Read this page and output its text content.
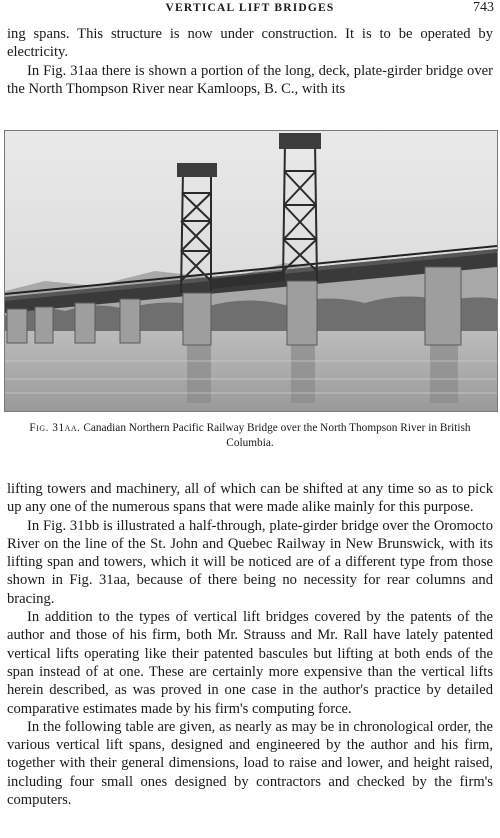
VERTICAL LIFT BRIDGES	743

ing spans. This structure is now under construction. It is to be operated by electricity.

In Fig. 31aa there is shown a portion of the long, deck, plate-girder bridge over the North Thompson River near Kamloops, B. C., with its

Fig. 31aa. Canadian Northern Pacific Railway Bridge over the North Thompson River in British Columbia.

lifting towers and machinery, all of which can be shifted at any time so as to pick up any one of the numerous spans that were made alike mainly for this purpose.

In Fig. 31bb is illustrated a half-through, plate-girder bridge over the Oromocto River on the line of the St. John and Quebec Railway in New Brunswick, with its lifting span and towers, which it will be noticed are of a different type from those shown in Fig. 31aa, because of there being no necessity for rear columns and bracing.

In addition to the types of vertical lift bridges covered by the patents of the author and those of his firm, both Mr. Strauss and Mr. Rall have lately patented vertical lifts operating like their patented bascules but lifting at both ends of the span instead of at one. These are certainly more expensive than the vertical lifts herein described, as was proved in one case in the author's practice by detailed comparative estimates made by his firm's computing force.

In the following table are given, as nearly as may be in chronological order, the various vertical lift spans, designed and engineered by the author and his firm, together with their general dimensions, load to raise and lower, and height raised, including four small ones designed by contractors and checked by the firm's computers.
